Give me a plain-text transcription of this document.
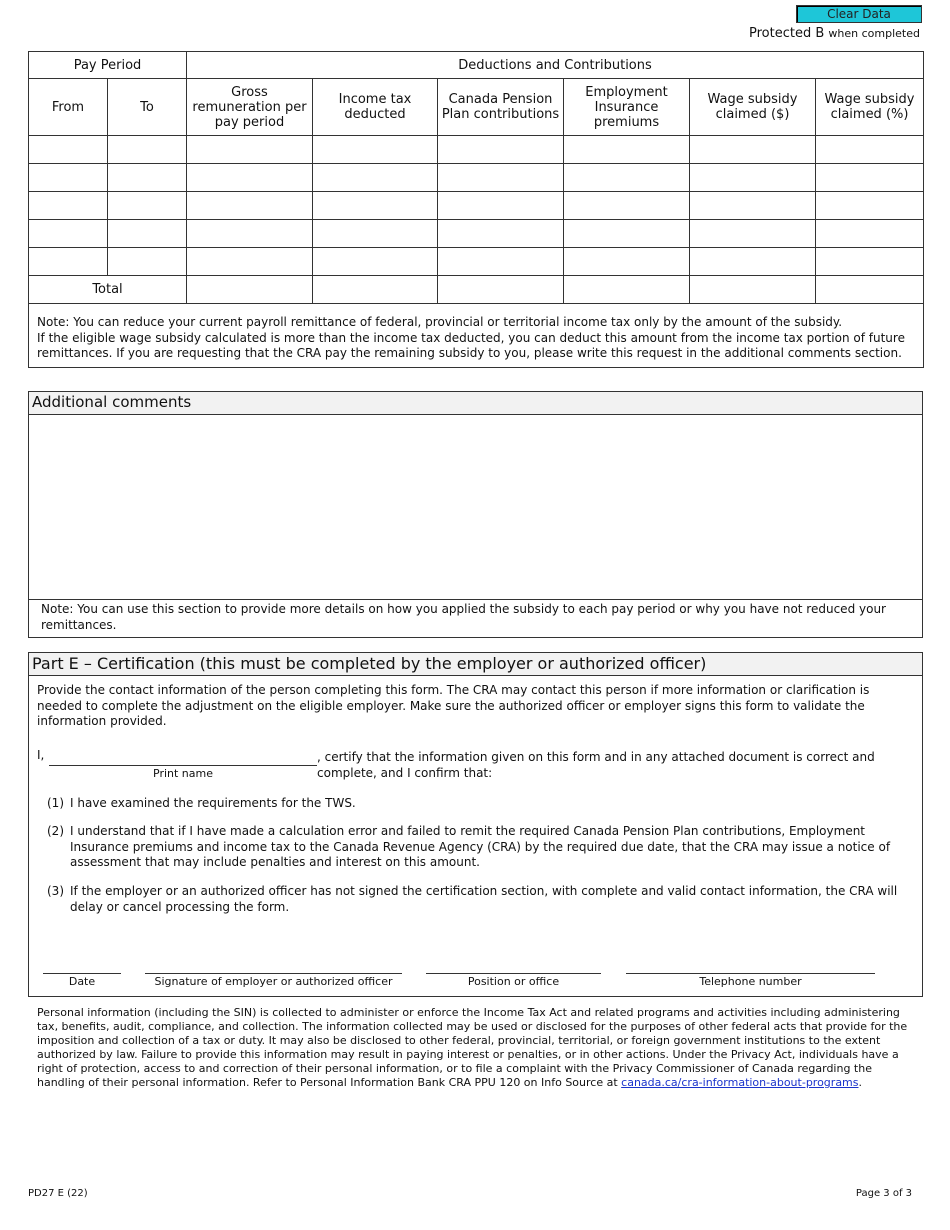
Clear Data
Protected B when completed
Pay Period		Deductions and Contributions					
From	To	Gross remuneration per pay period	Income tax deducted	Canada Pension Plan contributions	Employment Insurance premiums	Wage subsidy claimed ($)	Wage subsidy claimed (%)

Total						
Note: You can reduce your current payroll remittance of federal, provincial or territorial income tax only by the amount of the subsidy.
If the eligible wage subsidy calculated is more than the income tax deducted, you can deduct this amount from the income tax portion of future remittances. If you are requesting that the CRA pay the remaining subsidy to you, please write this request in the additional comments section.							
Additional comments
Note: You can use this section to provide more details on how you applied the subsidy to each pay period or why you have not reduced your remittances.
Part E – Certification (this must be completed by the employer or authorized officer)
Provide the contact information of the person completing this form. The CRA may contact this person if more information or clarification is needed to complete the adjustment on the eligible employer. Make sure the authorized officer or employer signs this form to validate the information provided.
I,
Print name
, certify that the information given on this form and in any attached document is correct and complete, and I confirm that:
(1) I have examined the requirements for the TWS.
(2) I understand that if I have made a calculation error and failed to remit the required Canada Pension Plan contributions, Employment Insurance premiums and income tax to the Canada Revenue Agency (CRA) by the required due date, that the CRA may issue a notice of assessment that may include penalties and interest on this amount.
(3) If the employer or an authorized officer has not signed the certification section, with complete and valid contact information, the CRA will delay or cancel processing the form.
Date	Signature of employer or authorized officer	Position or office	Telephone number
Personal information (including the SIN) is collected to administer or enforce the Income Tax Act and related programs and activities including administering tax, benefits, audit, compliance, and collection. The information collected may be used or disclosed for the purposes of other federal acts that provide for the imposition and collection of a tax or duty. It may also be disclosed to other federal, provincial, territorial, or foreign government institutions to the extent authorized by law. Failure to provide this information may result in paying interest or penalties, or in other actions. Under the Privacy Act, individuals have a right of protection, access to and correction of their personal information, or to file a complaint with the Privacy Commissioner of Canada regarding the handling of their personal information. Refer to Personal Information Bank CRA PPU 120 on Info Source at canada.ca/cra-information-about-programs.
PD27 E (22)	Page 3 of 3
